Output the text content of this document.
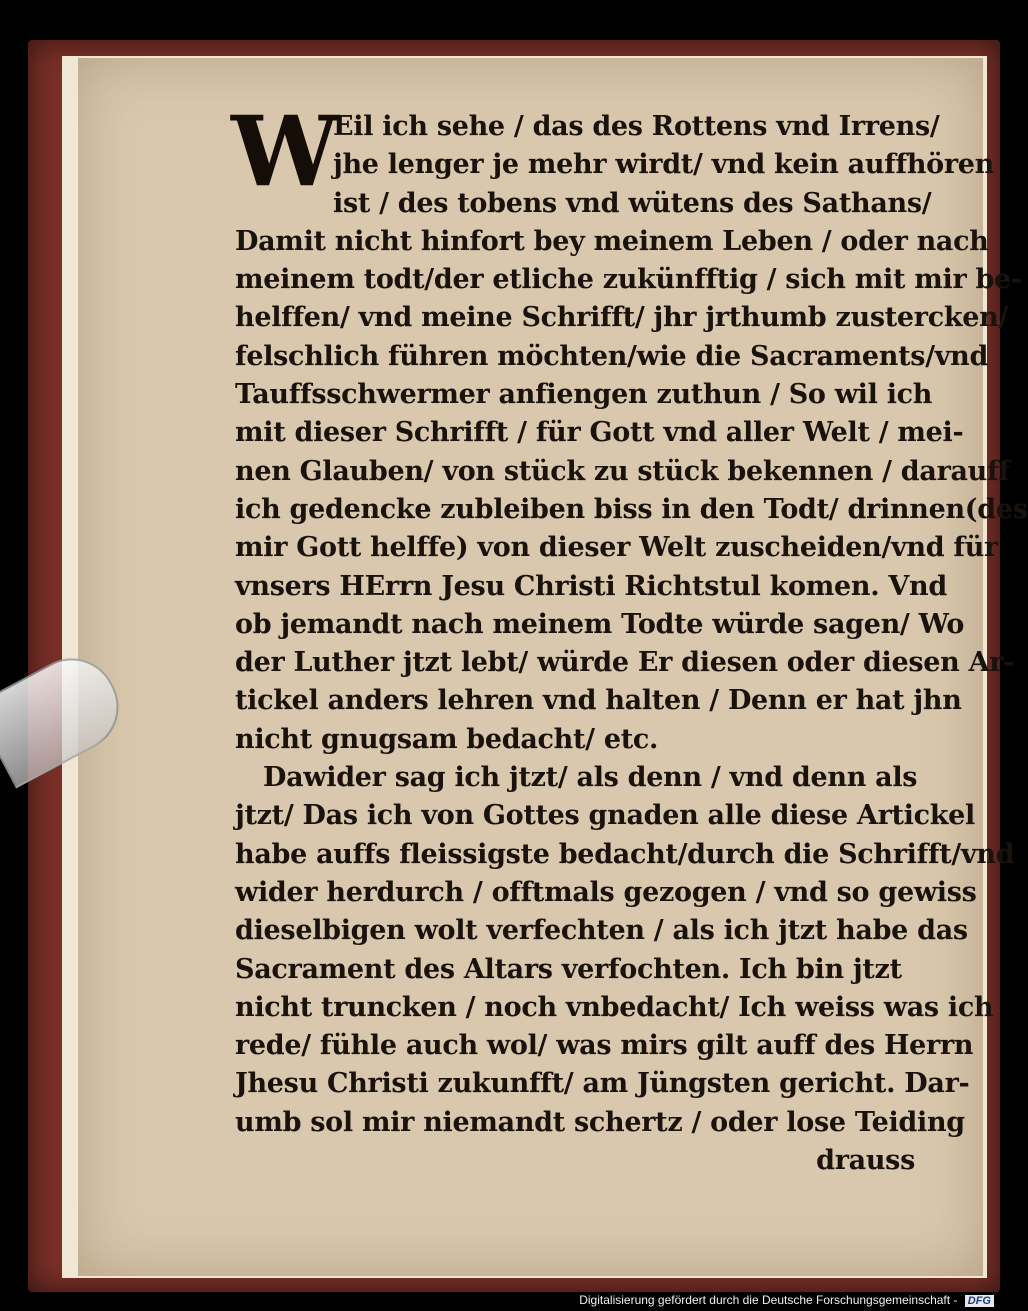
W
Eil ich sehe / das des Rottens vnd Irrens/
jhe lenger je mehr wirdt/ vnd kein auffhören
ist / des tobens vnd wütens des Sathans/
Damit nicht hinfort bey meinem Leben / oder nach
meinem todt/der etliche zukünfftig / sich mit mir be-
helffen/ vnd meine Schrifft/ jhr jrthumb zustercken/
felschlich führen möchten/wie die Sacraments/vnd
Tauffsschwermer anfiengen zuthun / So wil ich
mit dieser Schrifft / für Gott vnd aller Welt / mei-
nen Glauben/ von stück zu stück bekennen / darauff
ich gedencke zubleiben biss in den Todt/ drinnen(des
mir Gott helffe) von dieser Welt zuscheiden/vnd für
vnsers HErrn Jesu Christi Richtstul komen. Vnd
ob jemandt nach meinem Todte würde sagen/ Wo
der Luther jtzt lebt/ würde Er diesen oder diesen Ar-
tickel anders lehren vnd halten / Denn er hat jhn
nicht gnugsam bedacht/ etc.
Dawider sag ich jtzt/ als denn / vnd denn als
jtzt/ Das ich von Gottes gnaden alle diese Artickel
habe auffs fleissigste bedacht/durch die Schrifft/vnd
wider herdurch / offtmals gezogen / vnd so gewiss
dieselbigen wolt verfechten / als ich jtzt habe das
Sacrament des Altars verfochten. Ich bin jtzt
nicht truncken / noch vnbedacht/ Ich weiss was ich
rede/ fühle auch wol/ was mirs gilt auff des Herrn
Jhesu Christi zukunfft/ am Jüngsten gericht. Dar-
umb sol mir niemandt schertz / oder lose Teiding
drauss
Digitalisierung gefördert durch die Deutsche Forschungsgemeinschaft - DFG
